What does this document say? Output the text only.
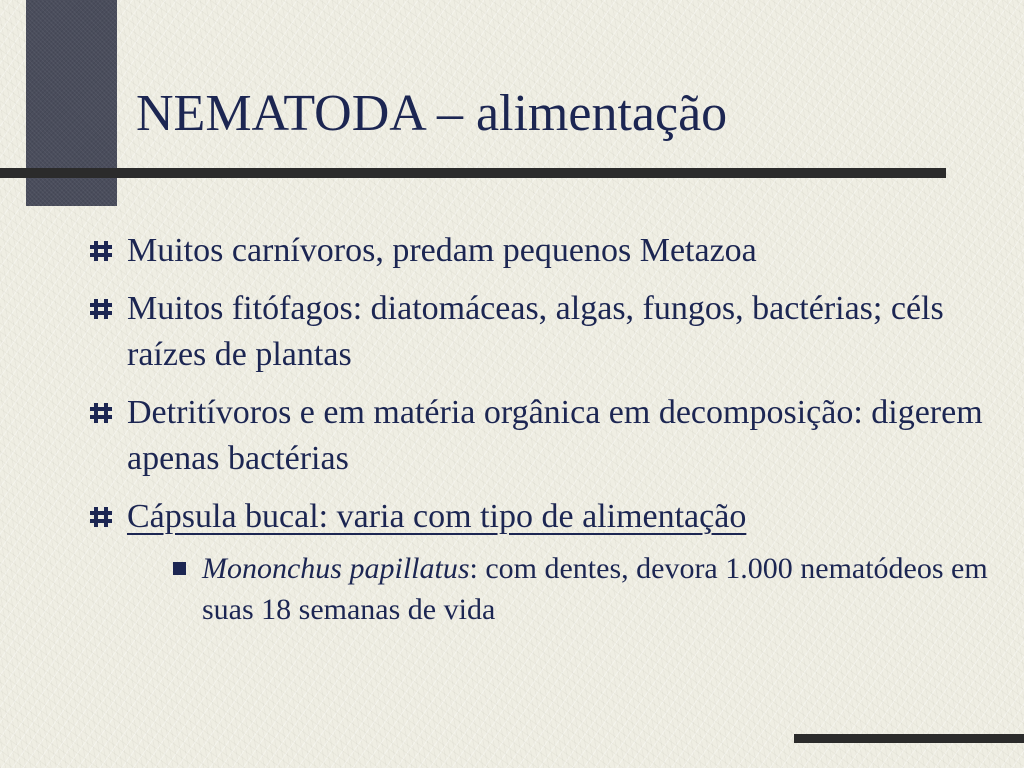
NEMATODA – alimentação
Muitos carnívoros, predam pequenos Metazoa
Muitos fitófagos: diatomáceas, algas, fungos, bactérias; céls raízes de plantas
Detritívoros e em matéria orgânica em decomposição: digerem apenas bactérias
Cápsula bucal: varia com tipo de alimentação
Mononchus papillatus: com dentes, devora 1.000 nematódeos em suas 18 semanas de vida
